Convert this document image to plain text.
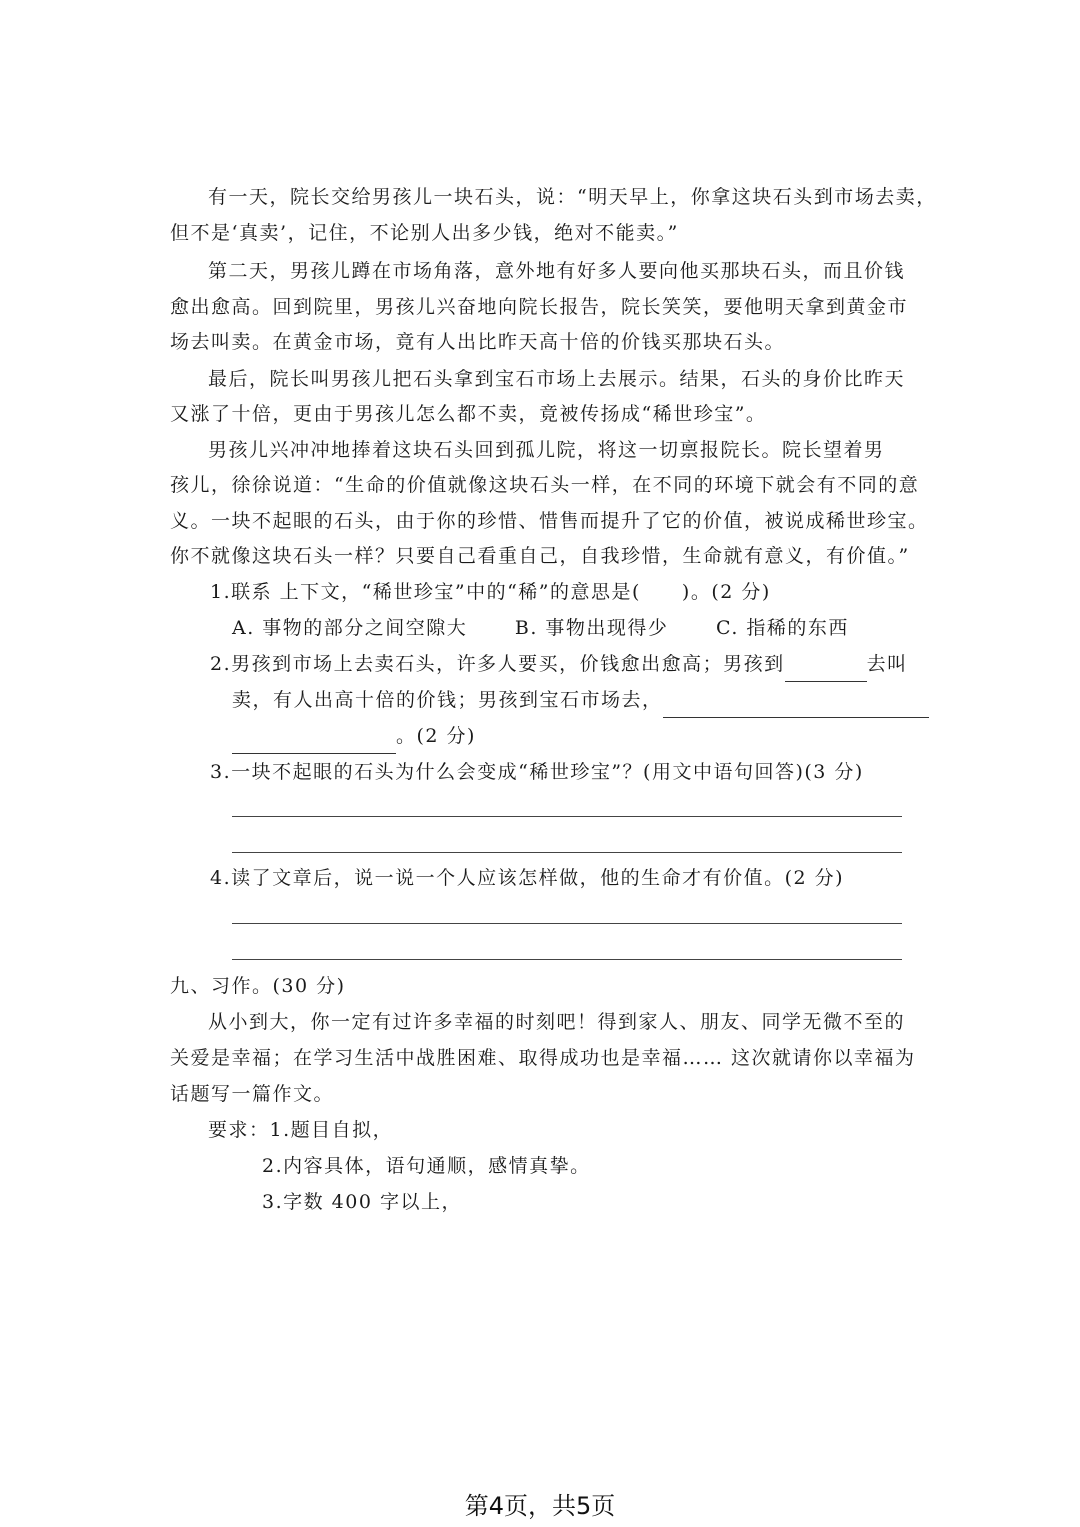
有一天，院长交给男孩儿一块石头，说：“明天早上，你拿这块石头到市场去卖，
但不是‘真卖’，记住，不论别人出多少钱，绝对不能卖。”
第二天，男孩儿蹲在市场角落，意外地有好多人要向他买那块石头，而且价钱
愈出愈高。回到院里，男孩儿兴奋地向院长报告，院长笑笑，要他明天拿到黄金市
场去叫卖。在黄金市场，竟有人出比昨天高十倍的价钱买那块石头。
最后，院长叫男孩儿把石头拿到宝石市场上去展示。结果，石头的身价比昨天
又涨了十倍，更由于男孩儿怎么都不卖，竟被传扬成“稀世珍宝”。
男孩儿兴冲冲地捧着这块石头回到孤儿院，将这一切禀报院长。院长望着男
孩儿，徐徐说道：“生命的价值就像这块石头一样，在不同的环境下就会有不同的意
义。一块不起眼的石头，由于你的珍惜、惜售而提升了它的价值，被说成稀世珍宝。
你不就像这块石头一样？只要自己看重自己，自我珍惜，生命就有意义，有价值。”
1.联系 上下文，“稀世珍宝”中的“稀”的意思是(　　)。(2 分)
A. 事物的部分之间空隙大	B. 事物出现得少	C. 指稀的东西
2.男孩到市场上去卖石头，许多人要买，价钱愈出愈高；男孩到	去叫
卖，有人出高十倍的价钱；男孩到宝石市场去，
。(2 分)
3.一块不起眼的石头为什么会变成“稀世珍宝”？(用文中语句回答)(3 分)
4.读了文章后，说一说一个人应该怎样做，他的生命才有价值。(2 分)
九、习作。(30 分)
从小到大，你一定有过许多幸福的时刻吧！得到家人、朋友、同学无微不至的
关爱是幸福；在学习生活中战胜困难、取得成功也是幸福…… 这次就请你以幸福为
话题写一篇作文。
要求：1.题目自拟，
2.内容具体，语句通顺，感情真挚。
3.字数 400 字以上，
第4页，共5页
